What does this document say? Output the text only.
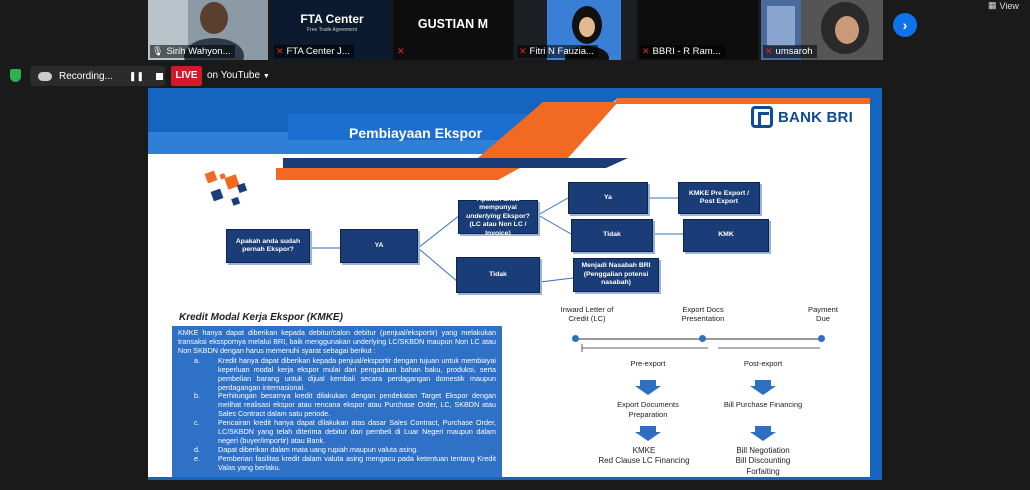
🎙 Sirih Wahyon...
FTA Center
Free Trade Agreement
✕ FTA Center J...
GUSTIAN M
✕	✕ Fitri N Fauzia...	✕ BBRI - R Ram...	✕ umsaroh
›
▦ View
Recording... ❚❚	LIVE on YouTube ▼
BANK BRI
Pembiayaan Ekspor
Apakah anda sudah pernah Ekspor?
YA
Apakah anda mempunyai underlying Ekspor? (LC atau Non LC / Invoice)
Ya
Tidak
KMKE Pre Export / Post Export
KMK
Tidak
Menjadi Nasabah BRI (Penggalian potensi nasabah)
Kredit Modal Kerja Ekspor (KMKE)
KMKE hanya dapat diberikan kepada debitur/calon debitur (penjual/eksportir) yang melakukan transaksi eksspornya melalui BRI, baik menggunakan underlying LC/SKBDN maupun Non LC atau Non SKBDN dengan harus memenuhi syarat sebagai berikut :
a.	Kredit hanya dapat diberikan kepada penjual/eksportir dengan tujuan untuk membiayai keperluan modal kerja ekspor mulai dari pengadaan bahan baku, produksi, serta pembelian barang untuk dijual kembali secara perdagangan domestik maupun perdagangan internasional.
b.	Perhitungan besarnya kredit dilakukan dengan pendekatan Target Ekspor dengan melihat realisasi ekspor atau rencana ekspor atau Purchase Order, LC, SKBDN atau Sales Contract dalam satu periode.
c.	Pencairan kredit hanya dapat dilakukan atas dasar Sales Contract, Purchase Order, LC/SKBDN yang telah diterima debitur dari pembeli di Luar Negeri maupun dalam negeri (buyer/importir) atau Bank.
d.	Dapat diberikan dalam mata uang rupiah maupun valuta asing.
e.	Pemberian fasilitas kredit dalam valuta asing mengacu pada ketentuan tentang Kredit Valas yang berlaku.
Inward Letter of Credit (LC)
Export Docs Presentation
Payment Due
Pre-export	Post-export
Export Documents Preparation
Bill Purchase Financing
KMKE
Red Clause LC Financing
Bill Negotiation
Bill Discounting
Forfaiting
